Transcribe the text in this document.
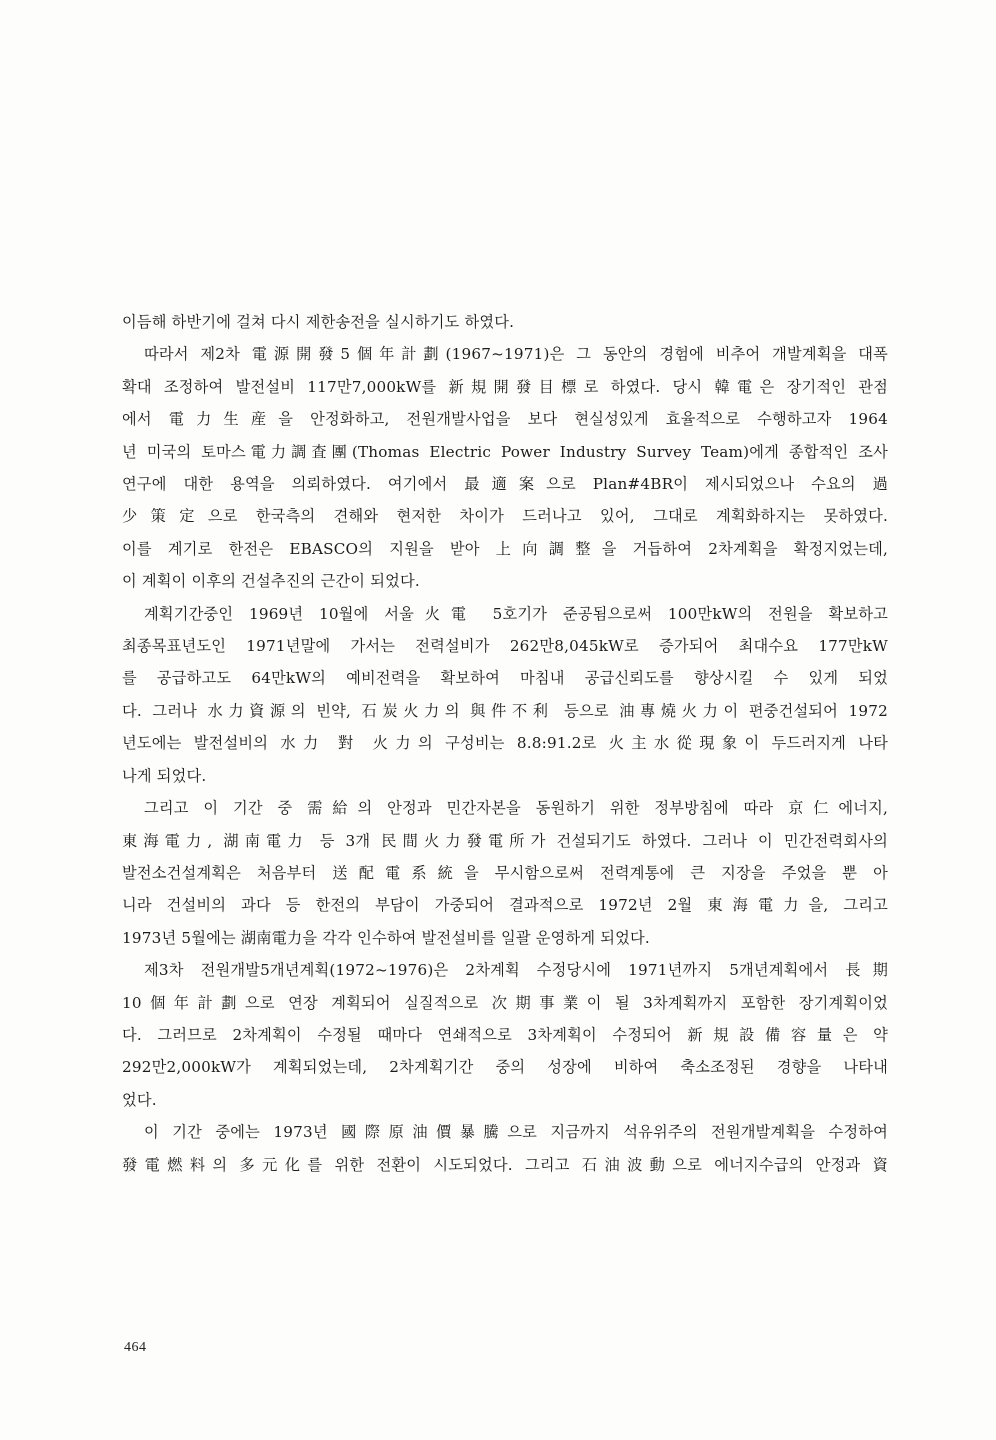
이듬해 하반기에 걸쳐 다시 제한송전을 실시하기도 하였다.
따라서 제2차 電源開發5個年計劃(1967~1971)은 그 동안의 경험에 비추어 개발계획을 대폭
확대 조정하여 발전설비 117만7,000kW를 新規開發目標로 하였다. 당시 韓電은 장기적인 관점
에서 電力生産을 안정화하고, 전원개발사업을 보다 현실성있게 효율적으로 수행하고자 1964
년 미국의 토마스電力調査團(Thomas Electric Power Industry Survey Team)에게 종합적인 조사
연구에 대한 용역을 의뢰하였다. 여기에서 最適案으로 Plan#4BR이 제시되었으나 수요의 過
少策定으로 한국측의 견해와 현저한 차이가 드러나고 있어, 그대로 계획화하지는 못하였다.
이를 계기로 한전은 EBASCO의 지원을 받아 上向調整을 거듭하여 2차계획을 확정지었는데,
이 계획이 이후의 건설추진의 근간이 되었다.
계획기간중인 1969년 10월에 서울火電 5호기가 준공됨으로써 100만kW의 전원을 확보하고
최종목표년도인 1971년말에 가서는 전력설비가 262만8,045kW로 증가되어 최대수요 177만kW
를 공급하고도 64만kW의 예비전력을 확보하여 마침내 공급신뢰도를 향상시킬 수 있게 되었
다. 그러나 水力資源의 빈약, 石炭火力의 與件不利 등으로 油專燒火力이 편중건설되어 1972
년도에는 발전설비의 水力 對 火力의 구성비는 8.8:91.2로 火主水從現象이 두드러지게 나타
나게 되었다.
그리고 이 기간 중 需給의 안정과 민간자본을 동원하기 위한 정부방침에 따라 京仁에너지,
東海電力, 湖南電力 등 3개 民間火力發電所가 건설되기도 하였다. 그러나 이 민간전력회사의
발전소건설계획은 처음부터 送配電系統을 무시함으로써 전력계통에 큰 지장을 주었을 뿐 아
니라 건설비의 과다 등 한전의 부담이 가중되어 결과적으로 1972년 2월 東海電力을, 그리고
1973년 5월에는 湖南電力을 각각 인수하여 발전설비를 일괄 운영하게 되었다.
제3차 전원개발5개년계획(1972~1976)은 2차계획 수정당시에 1971년까지 5개년계획에서 長期
10個年計劃으로 연장 계획되어 실질적으로 次期事業이 될 3차계획까지 포함한 장기계획이었
다. 그러므로 2차계획이 수정될 때마다 연쇄적으로 3차계획이 수정되어 新規設備容量은 약
292만2,000kW가 계획되었는데, 2차계획기간 중의 성장에 비하여 축소조정된 경향을 나타내
었다.
이 기간 중에는 1973년 國際原油價暴騰으로 지금까지 석유위주의 전원개발계획을 수정하여
發電燃料의 多元化를 위한 전환이 시도되었다. 그리고 石油波動으로 에너지수급의 안정과 資
464
